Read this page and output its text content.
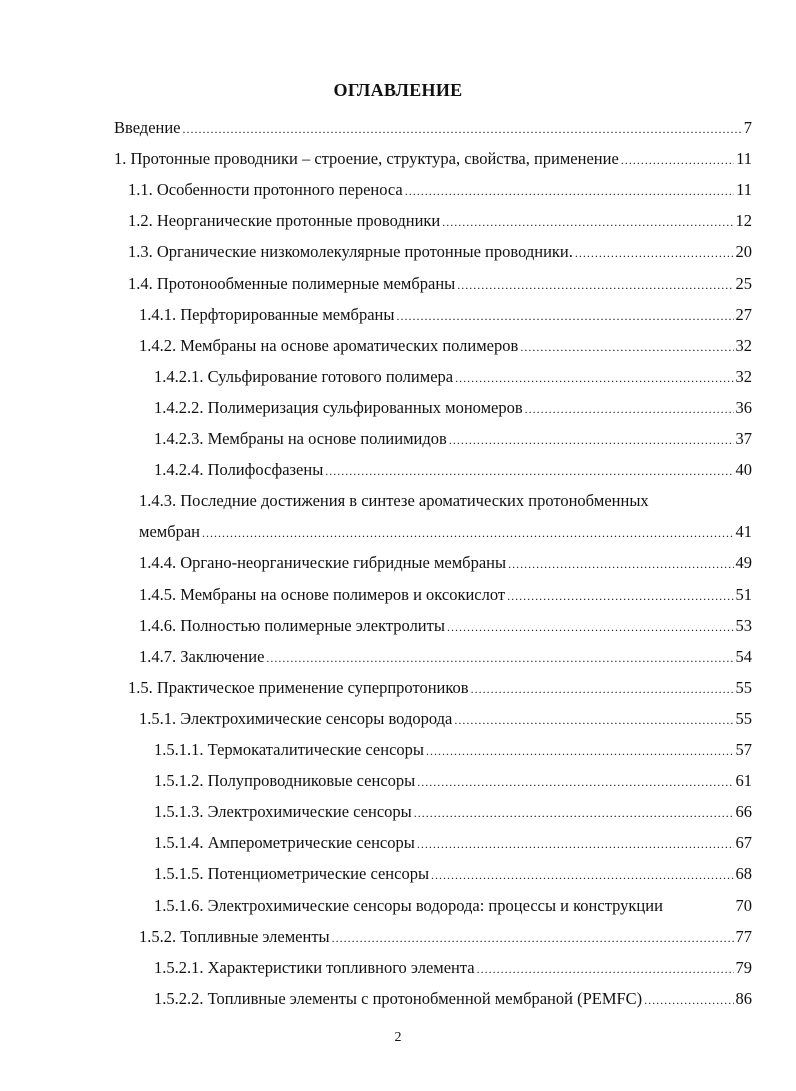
ОГЛАВЛЕНИЕ
Введение .....	7
1. Протонные проводники – строение, структура, свойства, применение .....	11
1.1. Особенности протонного переноса .....	11
1.2. Неорганические протонные проводники .....	12
1.3. Органические низкомолекулярные протонные проводники. .....	20
1.4. Протонообменные полимерные мембраны .....	25
1.4.1. Перфторированные мембраны .....	27
1.4.2. Мембраны на основе ароматических полимеров .....	32
1.4.2.1. Сульфирование готового полимера .....	32
1.4.2.2. Полимеризация сульфированных мономеров .....	36
1.4.2.3. Мембраны на основе полиимидов .....	37
1.4.2.4. Полифосфазены .....	40
1.4.3. Последние достижения в синтезе ароматических протонобменных
мембран .....	41
1.4.4. Органо-неорганические гибридные мембраны .....	49
1.4.5. Мембраны на основе полимеров и оксокислот .....	51
1.4.6. Полностью полимерные электролиты .....	53
1.4.7. Заключение .....	54
1.5. Практическое применение суперпротоников .....	55
1.5.1. Электрохимические сенсоры водорода .....	55
1.5.1.1. Термокаталитические сенсоры .....	57
1.5.1.2. Полупроводниковые сенсоры .....	61
1.5.1.3. Электрохимические сенсоры .....	66
1.5.1.4. Амперометрические сенсоры .....	67
1.5.1.5. Потенциометрические сенсоры .....	68
1.5.1.6. Электрохимические сенсоры водорода: процессы и конструкции	70
1.5.2. Топливные элементы .....	77
1.5.2.1. Характеристики топливного элемента .....	79
1.5.2.2. Топливные элементы с протонобменной мембраной (PEMFC) .....	86
2
